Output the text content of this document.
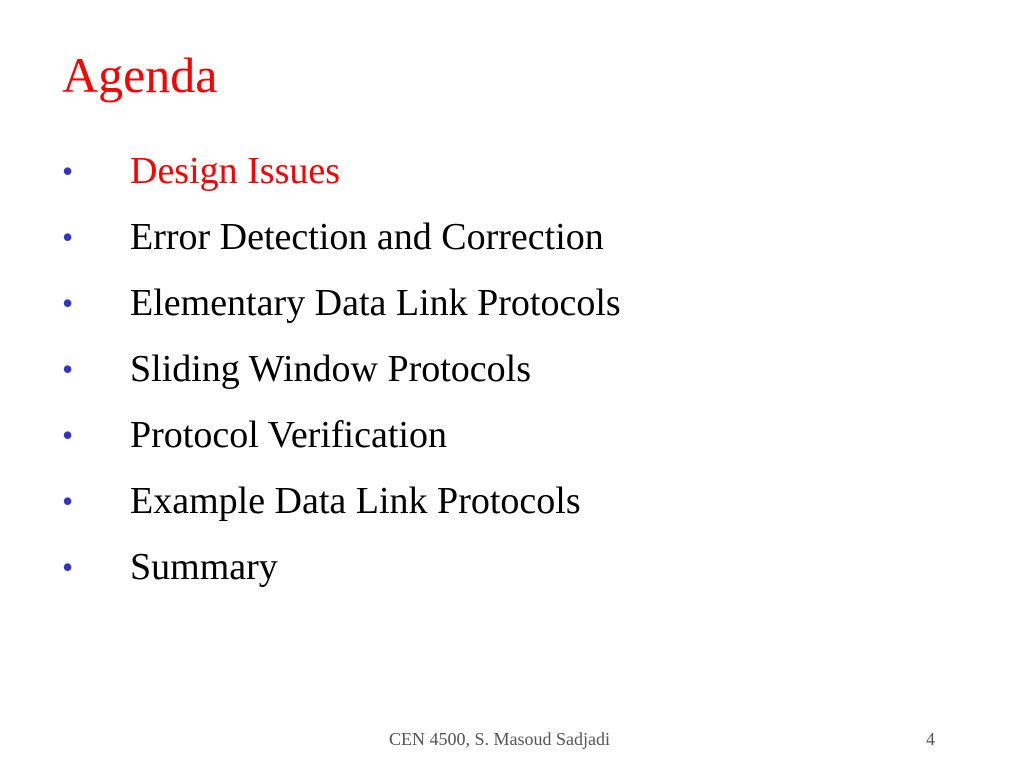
Agenda
• Design Issues
• Error Detection and Correction
• Elementary Data Link Protocols
• Sliding Window Protocols
• Protocol Verification
• Example Data Link Protocols
• Summary
CEN 4500, S. Masoud Sadjadi	4
